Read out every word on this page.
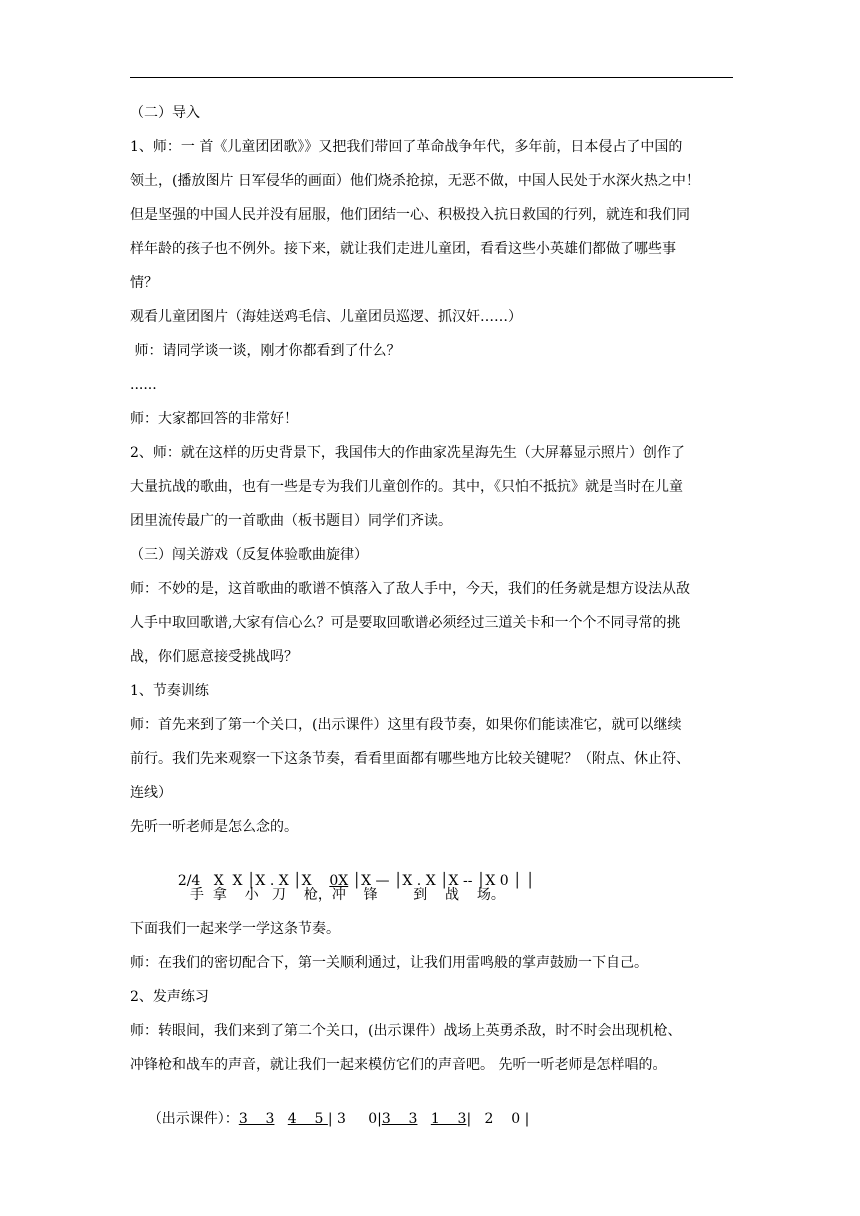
（二）导入

1、师：一 首《儿童团团歌》》又把我们带回了革命战争年代，多年前，日本侵占了中国的

领土，(播放图片 日军侵华的画面）他们烧杀抢掠，无恶不做，中国人民处于水深火热之中！

但是坚强的中国人民并没有屈服，他们团结一心、积极投入抗日救国的行列，就连和我们同

样年龄的孩子也不例外。接下来，就让我们走进儿童团，看看这些小英雄们都做了哪些事

情？

观看儿童团图片（海娃送鸡毛信、儿童团员巡逻、抓汉奸……）

师：请同学谈一谈，刚才你都看到了什么？

......

师：大家都回答的非常好！

2、师：就在这样的历史背景下，我国伟大的作曲家冼星海先生（大屏幕显示照片）创作了

大量抗战的歌曲，也有一些是专为我们儿童创作的。其中，《只怕不抵抗》就是当时在儿童

团里流传最广的一首歌曲（板书题目）同学们齐读。

（三）闯关游戏（反复体验歌曲旋律）

师：不妙的是，这首歌曲的歌谱不慎落入了敌人手中，今天，我们的任务就是想方设法从敌

人手中取回歌谱,大家有信心么？可是要取回歌谱必须经过三道关卡和一个个不同寻常的挑

战，你们愿意接受挑战吗？

1、节奏训练

师：首先来到了第一个关口，(出示课件）这里有段节奏，如果你们能读准它，就可以继续

前行。我们先来观察一下这条节奏，看看里面都有哪些地方比较关键呢？（附点、休止符、

连线）

先听一听老师是怎么念的。

2/4   X  X │X . X │X    0X │X — │X . X │X -- │X 0 │ │

手  拿    小   刀    枪，冲    锋        到    战    场。

下面我们一起来学一学这条节奏。

师：在我们的密切配合下，第一关顺利通过，让我们用雷鸣般的掌声鼓励一下自己。

2、发声练习

师：转眼间，我们来到了第二个关口，(出示课件）战场上英勇杀敌，时不时会出现机枪、

冲锋枪和战车的声音，就让我们一起来模仿它们的声音吧。 先听一听老师是怎样唱的。

（出示课件）：3    3 4    5 | 3     0|3    3 1    3|   2    0 |
